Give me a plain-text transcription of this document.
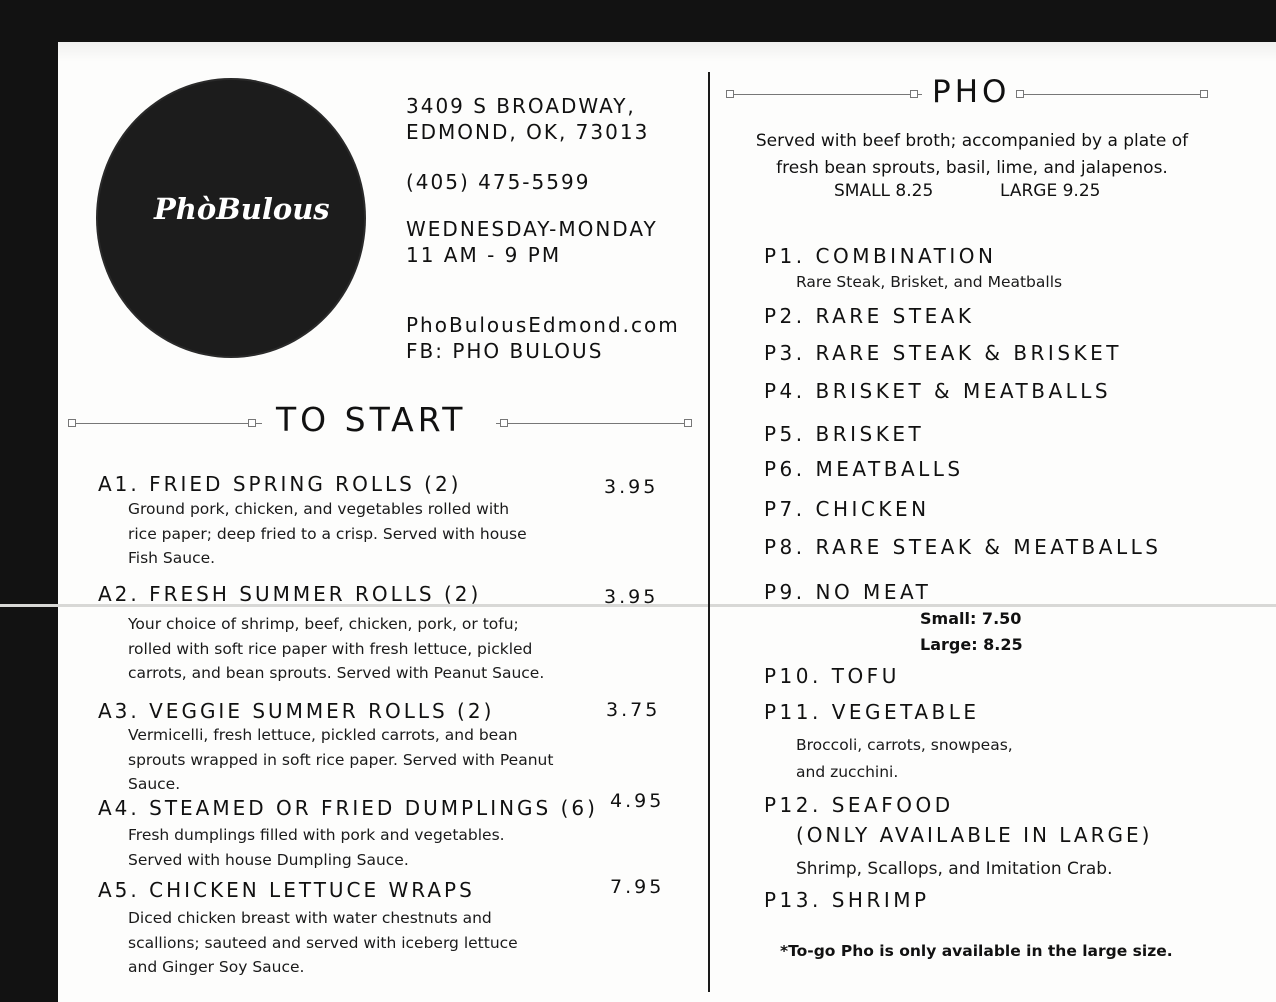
PhòBulous
3409 S BROADWAY,
EDMOND, OK, 73013
(405) 475-5599
WEDNESDAY-MONDAY
11 AM - 9 PM
PhoBulousEdmond.com
FB: PHO BULOUS
TO START
A1. FRIED SPRING ROLLS (2)	3.95
Ground pork, chicken, and vegetables rolled with
rice paper; deep fried to a crisp. Served with house
Fish Sauce.
A2. FRESH SUMMER ROLLS (2)	3.95
Your choice of shrimp, beef, chicken, pork, or tofu;
rolled with soft rice paper with fresh lettuce, pickled
carrots, and bean sprouts. Served with Peanut Sauce.
A3. VEGGIE SUMMER ROLLS (2)	3.75
Vermicelli, fresh lettuce, pickled carrots, and bean
sprouts wrapped in soft rice paper. Served with Peanut
Sauce.
A4. STEAMED OR FRIED DUMPLINGS (6) 4.95
Fresh dumplings filled with pork and vegetables.
Served with house Dumpling Sauce.
A5. CHICKEN LETTUCE WRAPS	7.95
Diced chicken breast with water chestnuts and
scallions; sauteed and served with iceberg lettuce
and Ginger Soy Sauce.
PHO
Served with beef broth; accompanied by a plate of
fresh bean sprouts, basil, lime, and jalapenos.
SMALL 8.25	LARGE 9.25
P1. COMBINATION
Rare Steak, Brisket, and Meatballs
P2. RARE STEAK
P3. RARE STEAK & BRISKET
P4. BRISKET & MEATBALLS
P5. BRISKET
P6. MEATBALLS
P7. CHICKEN
P8. RARE STEAK & MEATBALLS
P9. NO MEAT
Small: 7.50
Large: 8.25
P10. TOFU
P11. VEGETABLE
Broccoli, carrots, snowpeas,
and zucchini.
P12. SEAFOOD
(ONLY AVAILABLE IN LARGE)
Shrimp, Scallops, and Imitation Crab.
P13. SHRIMP
*To-go Pho is only available in the large size.
